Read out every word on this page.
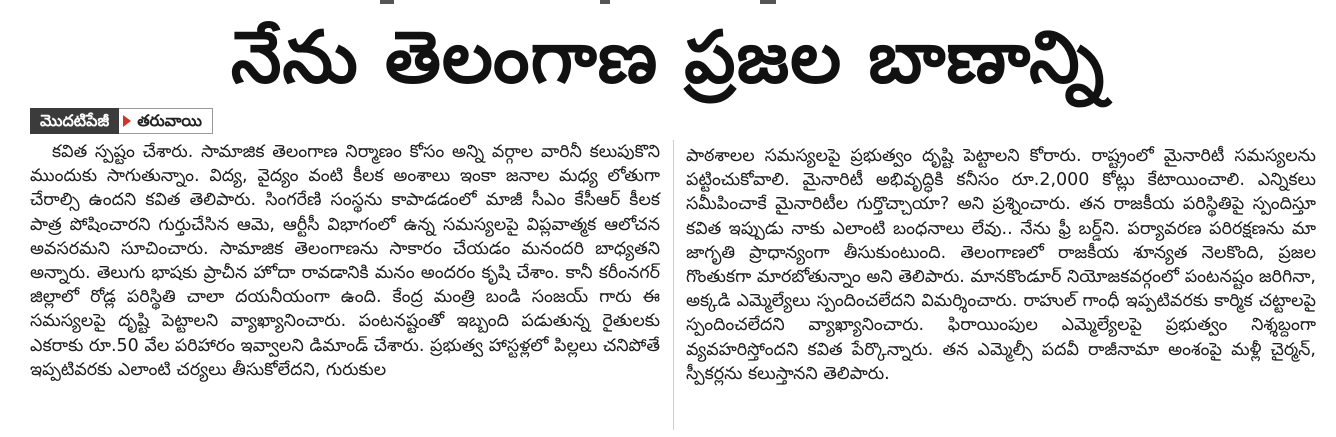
నేను తెలంగాణ ప్రజల బాణాన్ని
మొదటిపేజీ	తరువాయి

కవిత స్పష్టం చేశారు. సామాజిక తెలంగాణ నిర్మాణం కోసం అన్ని వర్గాల వారినీ కలుపుకొని ముందుకు సాగుతున్నాం. విద్య, వైద్యం వంటి కీలక అంశాలు ఇంకా జనాల మధ్య లోతుగా చేరాల్సి ఉందని కవిత తెలిపారు. సింగరేణి సంస్థను కాపాడడంలో మాజీ సీఎం కేసీఆర్ కీలక పాత్ర పోషించారని గుర్తుచేసిన ఆమె, ఆర్టీసీ విభాగంలో ఉన్న సమస్యలపై విప్లవాత్మక ఆలోచన అవసరమని సూచించారు. సామాజిక తెలంగాణను సాకారం చేయడం మనందరి బాధ్యతని అన్నారు. తెలుగు భాషకు ప్రాచీన హోదా రావడానికి మనం అందరం కృషి చేశాం. కానీ కరీంనగర్ జిల్లాలో రోడ్ల పరిస్థితి చాలా దయనీయంగా ఉంది. కేంద్ర మంత్రి బండి సంజయ్ గారు ఈ సమస్యలపై దృష్టి పెట్టాలని వ్యాఖ్యానించారు. పంటనష్టంతో ఇబ్బంది పడుతున్న రైతులకు ఎకరాకు రూ.50 వేల పరిహారం ఇవ్వాలని డిమాండ్ చేశారు. ప్రభుత్వ హాస్టళ్లలో పిల్లలు చనిపోతే ఇప్పటివరకు ఎలాంటి చర్యలు తీసుకోలేదని, గురుకుల

పాఠశాలల సమస్యలపై ప్రభుత్వం దృష్టి పెట్టాలని కోరారు. రాష్ట్రంలో మైనారిటీ సమస్యలను పట్టించుకోవాలి. మైనారిటీ అభివృద్ధికి కనీసం రూ.2,000 కోట్లు కేటాయించాలి. ఎన్నికలు సమీపించాకే మైనారిటీల గుర్తొచ్చాయా? అని ప్రశ్నించారు. తన రాజకీయ పరిస్థితిపై స్పందిస్తూ కవిత ఇప్పుడు నాకు ఎలాంటి బంధనాలు లేవు.. నేను ఫ్రీ బర్డ్‌ని. పర్యావరణ పరిరక్షణను మా జాగృతి ప్రాధాన్యంగా తీసుకుంటుంది. తెలంగాణలో రాజకీయ శూన్యత నెలకొంది, ప్రజల గొంతుకగా మారబోతున్నాం అని తెలిపారు. మానకొండూర్ నియోజకవర్గంలో పంటనష్టం జరిగినా, అక్కడి ఎమ్మెల్యేలు స్పందించలేదని విమర్శించారు. రాహుల్ గాంధీ ఇప్పటివరకు కార్మిక చట్టాలపై స్పందించలేదని వ్యాఖ్యానించారు. ఫిరాయింపుల ఎమ్మెల్యేలపై ప్రభుత్వం నిశ్శబ్దంగా వ్యవహరిస్తోందని కవిత పేర్కొన్నారు. తన ఎమ్మెల్సీ పదవీ రాజీనామా అంశంపై మళ్లీ చైర్మన్, స్పీకర్లను కలుస్తానని తెలిపారు.
